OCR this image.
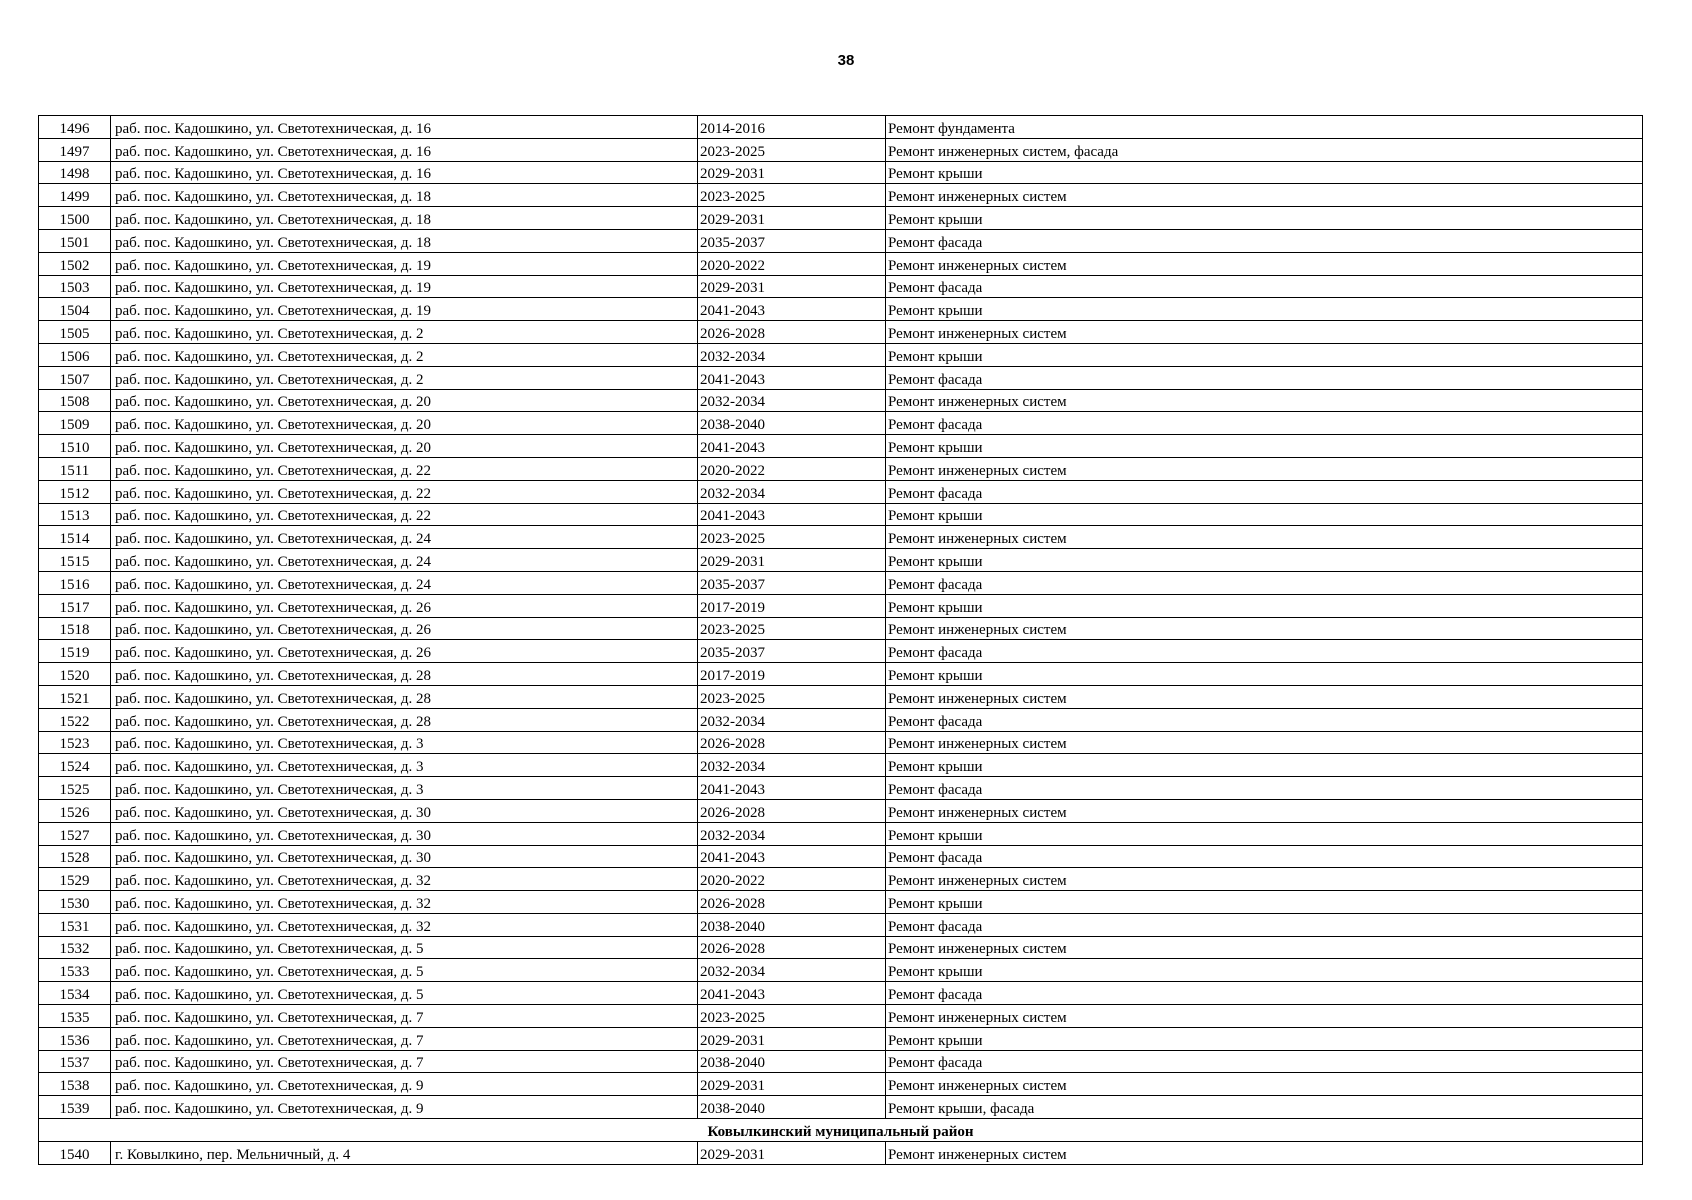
38
1496	раб. пос. Кадошкино, ул. Светотехническая, д. 16	2014-2016	Ремонт фундамента
1497	раб. пос. Кадошкино, ул. Светотехническая, д. 16	2023-2025	Ремонт инженерных систем, фасада
1498	раб. пос. Кадошкино, ул. Светотехническая, д. 16	2029-2031	Ремонт крыши
1499	раб. пос. Кадошкино, ул. Светотехническая, д. 18	2023-2025	Ремонт инженерных систем
1500	раб. пос. Кадошкино, ул. Светотехническая, д. 18	2029-2031	Ремонт крыши
1501	раб. пос. Кадошкино, ул. Светотехническая, д. 18	2035-2037	Ремонт фасада
1502	раб. пос. Кадошкино, ул. Светотехническая, д. 19	2020-2022	Ремонт инженерных систем
1503	раб. пос. Кадошкино, ул. Светотехническая, д. 19	2029-2031	Ремонт фасада
1504	раб. пос. Кадошкино, ул. Светотехническая, д. 19	2041-2043	Ремонт крыши
1505	раб. пос. Кадошкино, ул. Светотехническая, д. 2	2026-2028	Ремонт инженерных систем
1506	раб. пос. Кадошкино, ул. Светотехническая, д. 2	2032-2034	Ремонт крыши
1507	раб. пос. Кадошкино, ул. Светотехническая, д. 2	2041-2043	Ремонт фасада
1508	раб. пос. Кадошкино, ул. Светотехническая, д. 20	2032-2034	Ремонт инженерных систем
1509	раб. пос. Кадошкино, ул. Светотехническая, д. 20	2038-2040	Ремонт фасада
1510	раб. пос. Кадошкино, ул. Светотехническая, д. 20	2041-2043	Ремонт крыши
1511	раб. пос. Кадошкино, ул. Светотехническая, д. 22	2020-2022	Ремонт инженерных систем
1512	раб. пос. Кадошкино, ул. Светотехническая, д. 22	2032-2034	Ремонт фасада
1513	раб. пос. Кадошкино, ул. Светотехническая, д. 22	2041-2043	Ремонт крыши
1514	раб. пос. Кадошкино, ул. Светотехническая, д. 24	2023-2025	Ремонт инженерных систем
1515	раб. пос. Кадошкино, ул. Светотехническая, д. 24	2029-2031	Ремонт крыши
1516	раб. пос. Кадошкино, ул. Светотехническая, д. 24	2035-2037	Ремонт фасада
1517	раб. пос. Кадошкино, ул. Светотехническая, д. 26	2017-2019	Ремонт крыши
1518	раб. пос. Кадошкино, ул. Светотехническая, д. 26	2023-2025	Ремонт инженерных систем
1519	раб. пос. Кадошкино, ул. Светотехническая, д. 26	2035-2037	Ремонт фасада
1520	раб. пос. Кадошкино, ул. Светотехническая, д. 28	2017-2019	Ремонт крыши
1521	раб. пос. Кадошкино, ул. Светотехническая, д. 28	2023-2025	Ремонт инженерных систем
1522	раб. пос. Кадошкино, ул. Светотехническая, д. 28	2032-2034	Ремонт фасада
1523	раб. пос. Кадошкино, ул. Светотехническая, д. 3	2026-2028	Ремонт инженерных систем
1524	раб. пос. Кадошкино, ул. Светотехническая, д. 3	2032-2034	Ремонт крыши
1525	раб. пос. Кадошкино, ул. Светотехническая, д. 3	2041-2043	Ремонт фасада
1526	раб. пос. Кадошкино, ул. Светотехническая, д. 30	2026-2028	Ремонт инженерных систем
1527	раб. пос. Кадошкино, ул. Светотехническая, д. 30	2032-2034	Ремонт крыши
1528	раб. пос. Кадошкино, ул. Светотехническая, д. 30	2041-2043	Ремонт фасада
1529	раб. пос. Кадошкино, ул. Светотехническая, д. 32	2020-2022	Ремонт инженерных систем
1530	раб. пос. Кадошкино, ул. Светотехническая, д. 32	2026-2028	Ремонт крыши
1531	раб. пос. Кадошкино, ул. Светотехническая, д. 32	2038-2040	Ремонт фасада
1532	раб. пос. Кадошкино, ул. Светотехническая, д. 5	2026-2028	Ремонт инженерных систем
1533	раб. пос. Кадошкино, ул. Светотехническая, д. 5	2032-2034	Ремонт крыши
1534	раб. пос. Кадошкино, ул. Светотехническая, д. 5	2041-2043	Ремонт фасада
1535	раб. пос. Кадошкино, ул. Светотехническая, д. 7	2023-2025	Ремонт инженерных систем
1536	раб. пос. Кадошкино, ул. Светотехническая, д. 7	2029-2031	Ремонт крыши
1537	раб. пос. Кадошкино, ул. Светотехническая, д. 7	2038-2040	Ремонт фасада
1538	раб. пос. Кадошкино, ул. Светотехническая, д. 9	2029-2031	Ремонт инженерных систем
1539	раб. пос. Кадошкино, ул. Светотехническая, д. 9	2038-2040	Ремонт крыши, фасада
Ковылкинский муниципальный район			
1540	г. Ковылкино, пер. Мельничный, д. 4	2029-2031	Ремонт инженерных систем
